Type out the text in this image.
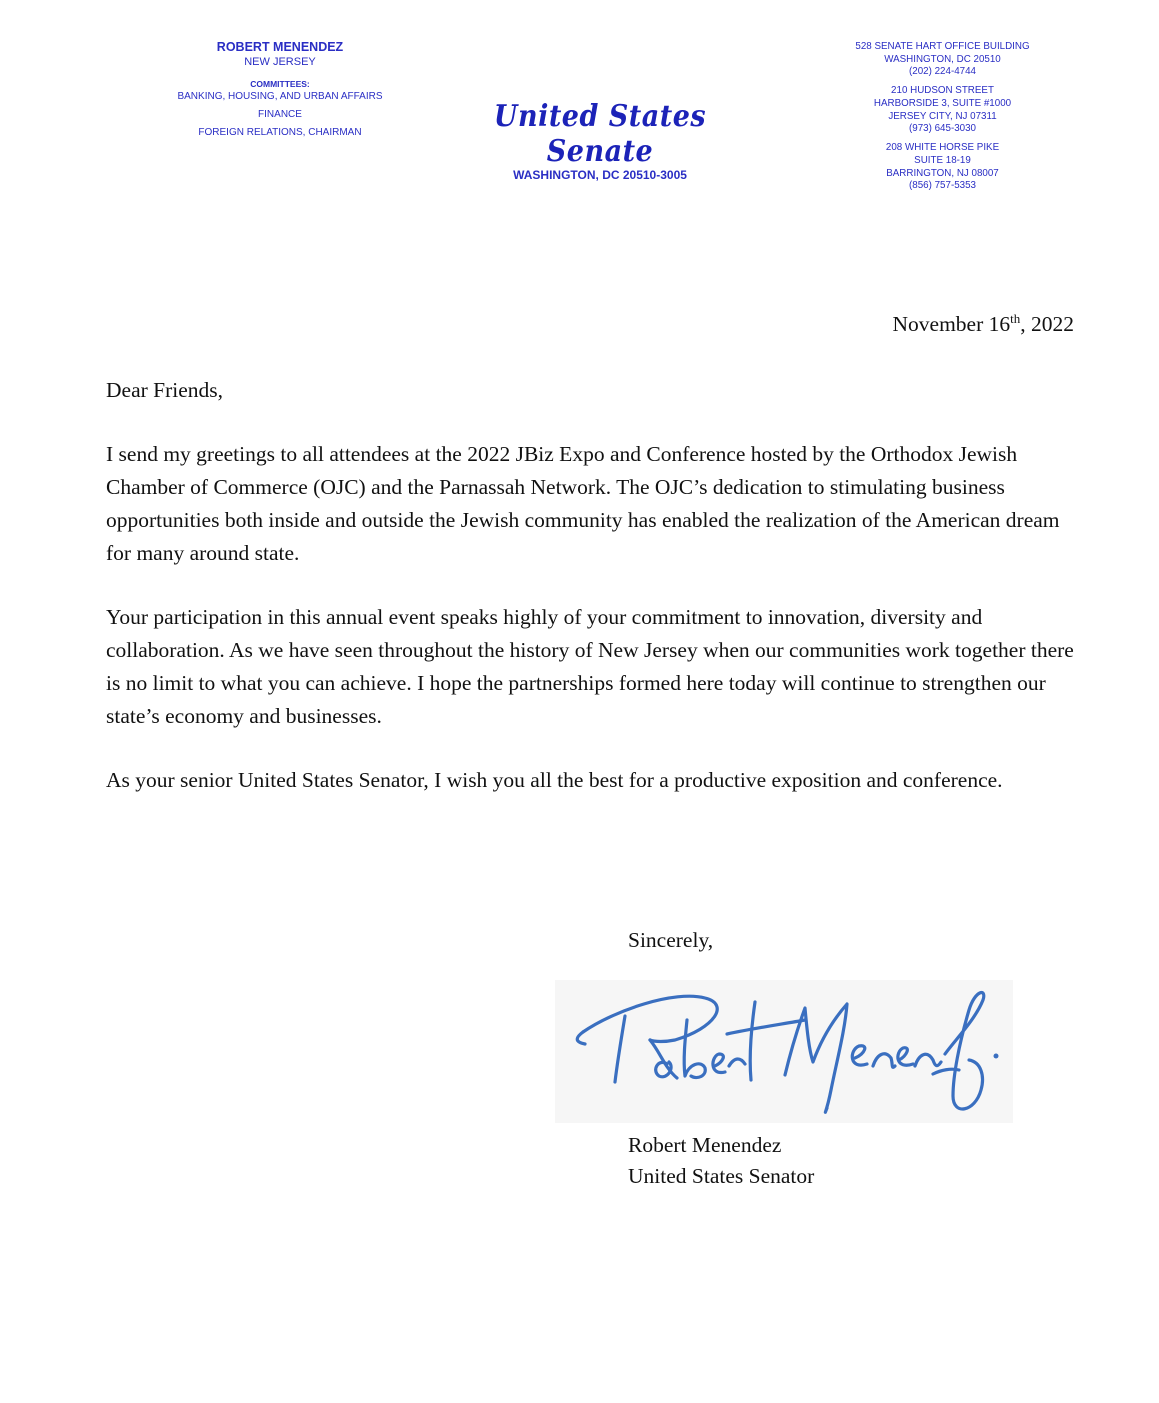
ROBERT MENENDEZ
NEW JERSEY
COMMITTEES:
BANKING, HOUSING, AND URBAN AFFAIRS
FINANCE
FOREIGN RELATIONS, CHAIRMAN	United States Senate
WASHINGTON, DC 20510-3005
528 SENATE HART OFFICE BUILDING
WASHINGTON, DC 20510
(202) 224-4744
210 HUDSON STREET
HARBORSIDE 3, SUITE #1000
JERSEY CITY, NJ 07311
(973) 645-3030
208 WHITE HORSE PIKE
SUITE 18-19
BARRINGTON, NJ 08007
(856) 757-5353
November 16th, 2022

Dear Friends,

I send my greetings to all attendees at the 2022 JBiz Expo and Conference hosted by the Orthodox Jewish Chamber of Commerce (OJC) and the Parnassah Network. The OJC’s dedication to stimulating business opportunities both inside and outside the Jewish community has enabled the realization of the American dream for many around state.

Your participation in this annual event speaks highly of your commitment to innovation, diversity and collaboration. As we have seen throughout the history of New Jersey when our communities work together there is no limit to what you can achieve. I hope the partnerships formed here today will continue to strengthen our state’s economy and businesses.

As your senior United States Senator, I wish you all the best for a productive exposition and conference.

Sincerely,
Robert Menendez
United States Senator
